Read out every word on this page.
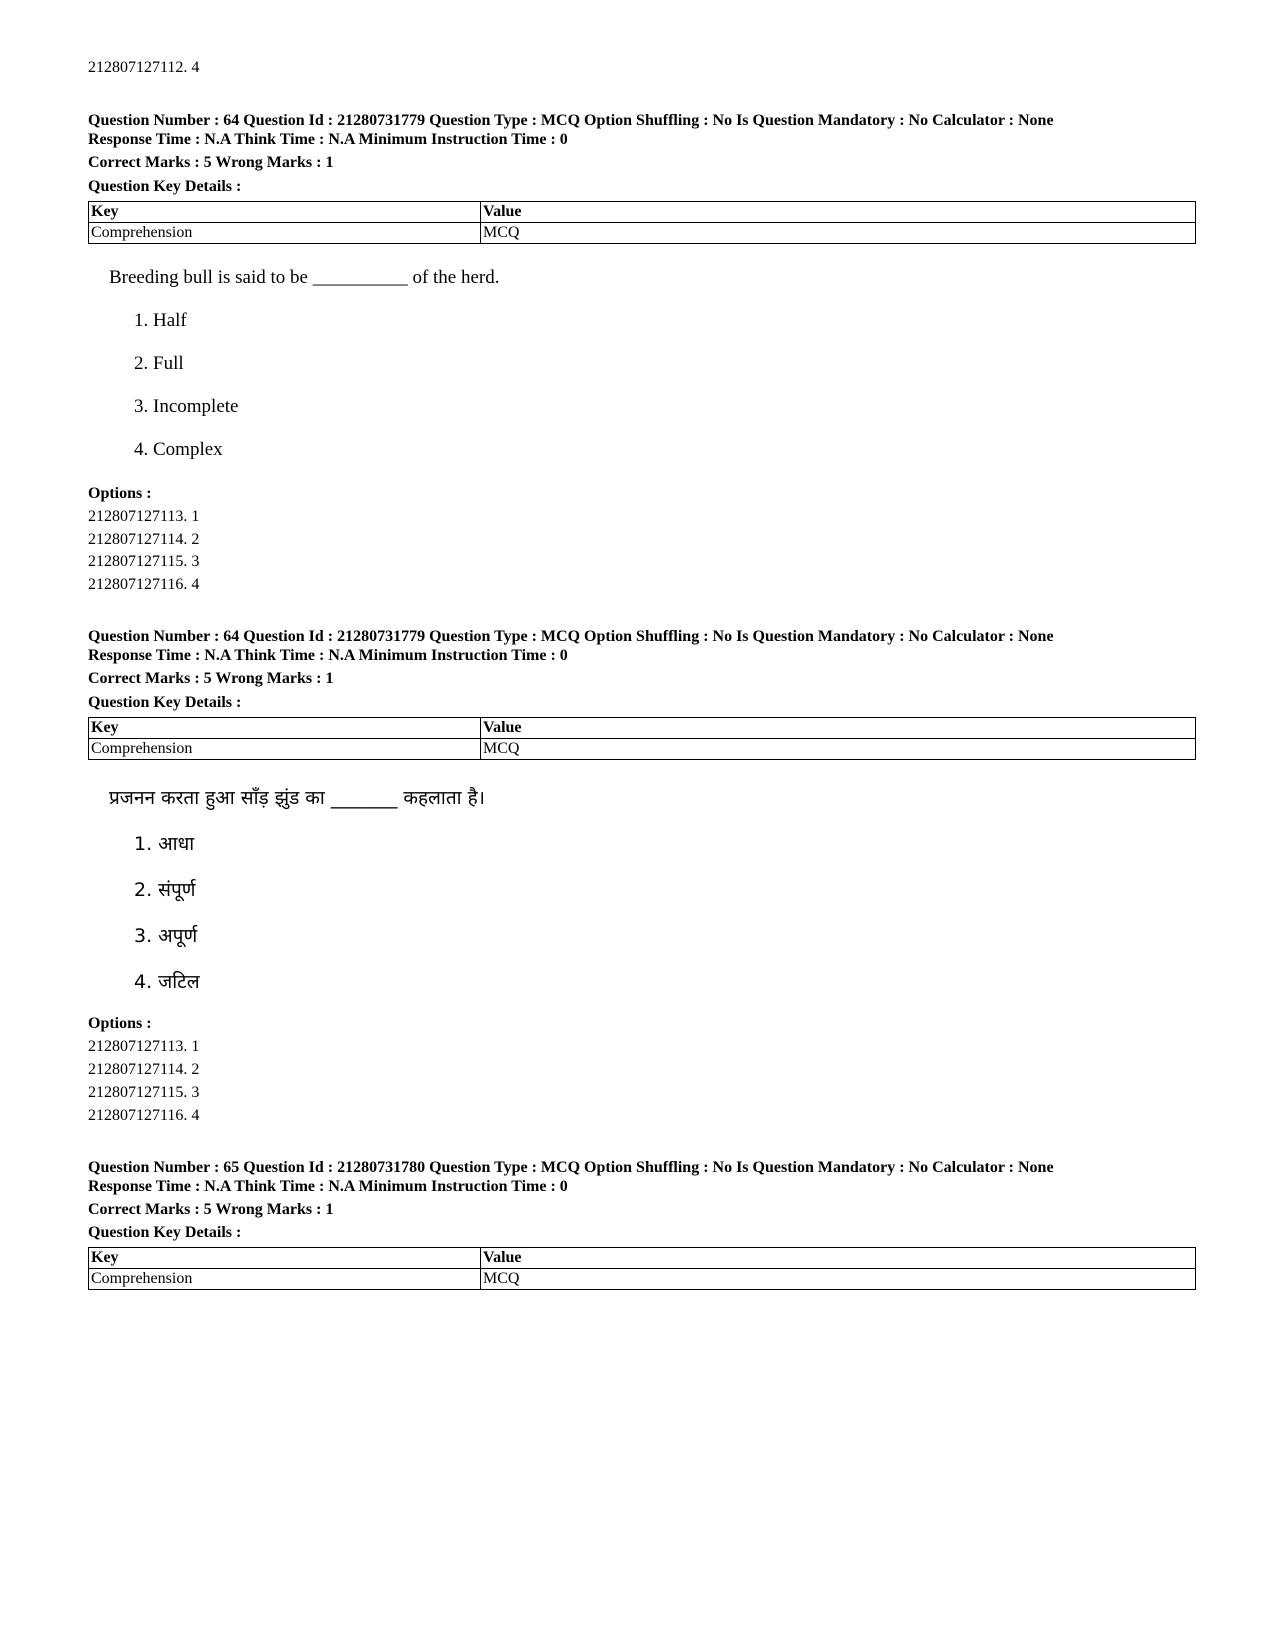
212807127112. 4
Question Number : 64 Question Id : 21280731779 Question Type : MCQ Option Shuffling : No Is Question Mandatory : No Calculator : None
Response Time : N.A Think Time : N.A Minimum Instruction Time : 0
Correct Marks : 5 Wrong Marks : 1
Question Key Details :
Key	Value
Comprehension	MCQ
Breeding bull is said to be __________ of the herd.
1. Half
2. Full
3. Incomplete
4. Complex
Options :
212807127113. 1
212807127114. 2
212807127115. 3
212807127116. 4
Question Number : 64 Question Id : 21280731779 Question Type : MCQ Option Shuffling : No Is Question Mandatory : No Calculator : None
Response Time : N.A Think Time : N.A Minimum Instruction Time : 0
Correct Marks : 5 Wrong Marks : 1
Question Key Details :
Key	Value
Comprehension	MCQ
प्रजनन करता हुआ साँड़ झुंड का _______ कहलाता है।
1. आधा
2. संपूर्ण
3. अपूर्ण
4. जटिल
Options :
212807127113. 1
212807127114. 2
212807127115. 3
212807127116. 4
Question Number : 65 Question Id : 21280731780 Question Type : MCQ Option Shuffling : No Is Question Mandatory : No Calculator : None
Response Time : N.A Think Time : N.A Minimum Instruction Time : 0
Correct Marks : 5 Wrong Marks : 1
Question Key Details :
Key	Value
Comprehension	MCQ
